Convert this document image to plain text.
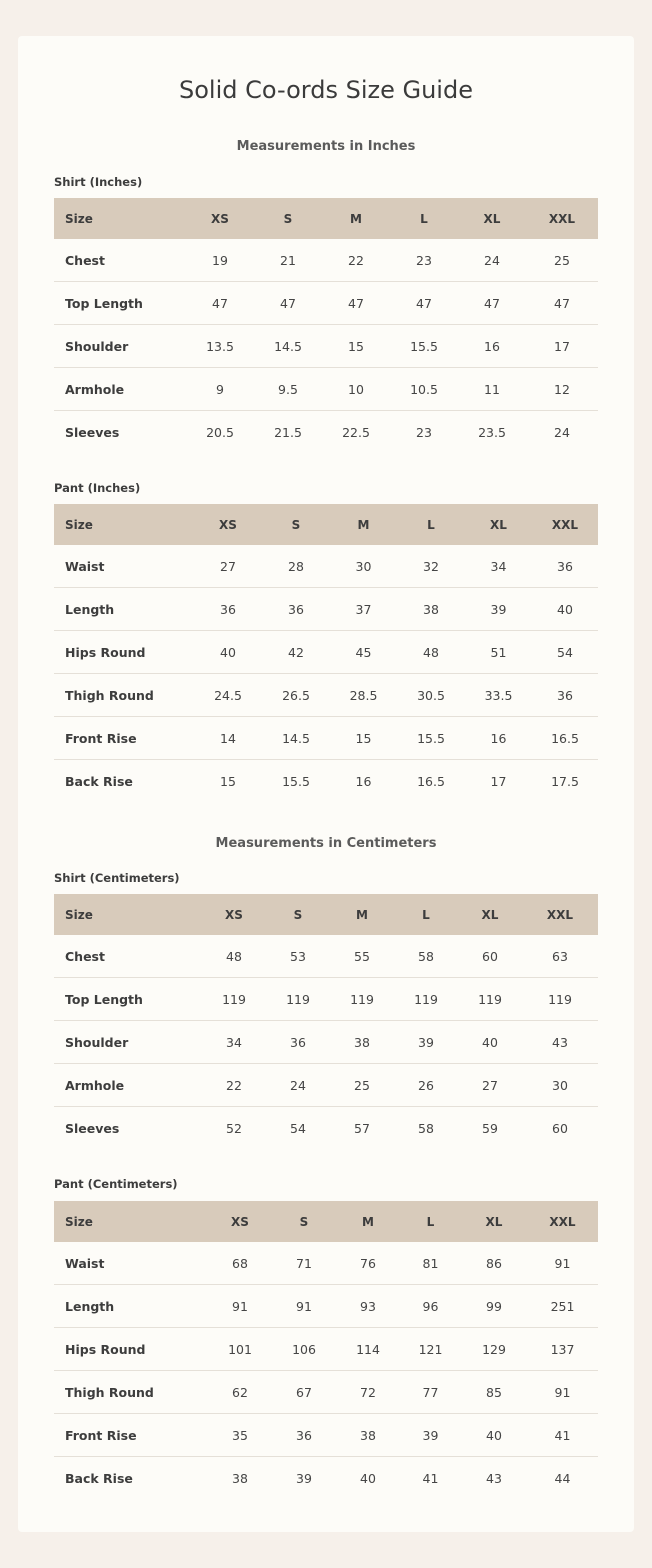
Solid Co-ords Size Guide
Measurements in Inches
Shirt (Inches)
Size	XS	S	M	L	XL	XXL
Chest	19	21	22	23	24	25
Top Length	47	47	47	47	47	47
Shoulder	13.5	14.5	15	15.5	16	17
Armhole	9	9.5	10	10.5	11	12
Sleeves	20.5	21.5	22.5	23	23.5	24
Pant (Inches)
Size	XS	S	M	L	XL	XXL
Waist	27	28	30	32	34	36
Length	36	36	37	38	39	40
Hips Round	40	42	45	48	51	54
Thigh Round	24.5	26.5	28.5	30.5	33.5	36
Front Rise	14	14.5	15	15.5	16	16.5
Back Rise	15	15.5	16	16.5	17	17.5
Measurements in Centimeters
Shirt (Centimeters)
Size	XS	S	M	L	XL	XXL
Chest	48	53	55	58	60	63
Top Length	119	119	119	119	119	119
Shoulder	34	36	38	39	40	43
Armhole	22	24	25	26	27	30
Sleeves	52	54	57	58	59	60
Pant (Centimeters)
Size	XS	S	M	L	XL	XXL
Waist	68	71	76	81	86	91
Length	91	91	93	96	99	251
Hips Round	101	106	114	121	129	137
Thigh Round	62	67	72	77	85	91
Front Rise	35	36	38	39	40	41
Back Rise	38	39	40	41	43	44
